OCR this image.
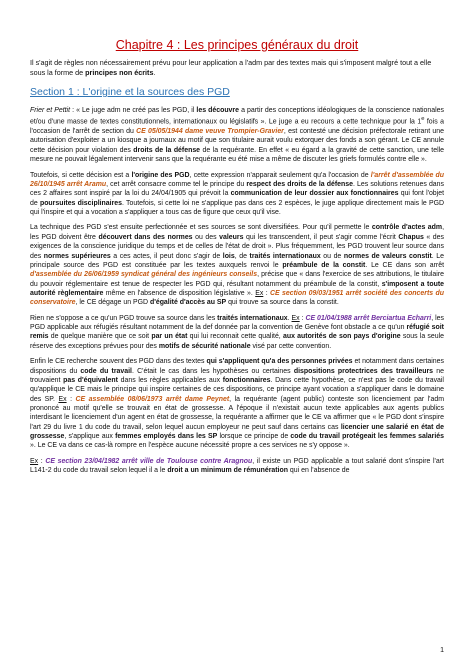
Chapitre 4 : Les principes généraux du droit
Il s'agit de règles non nécessairement prévu pour leur application a l'adm par des textes mais qui s'imposent malgré tout a elle sous la forme de principes non écrits.
Section 1 : L'origine et la sources des PGD

Frier et Pettit : « Le juge adm ne créé pas les PGD, il les découvre a partir des conceptions idéologiques de la conscience nationales et/ou d'une masse de textes constitutionnels, internationaux ou législatifs ». Le juge a eu recours a cette technique pour la 1e fois a l'occasion de l'arrêt de section du CE 05/05/1944 dame veuve Trompier-Gravier, est contesté une décision préfectorale retirant une autorisation d'exploiter a un kiosque a journaux au motif que son titulaire aurait voulu extorquer des fonds a son gérant. Le CE annule cette décision pour violation des droits de la défense de la requérante. En effet « eu égard a la gravité de cette sanction, une telle mesure ne pouvait légalement intervenir sans que la requérante eu été mise a même de discuter les griefs formulés contre elle ».

Toutefois, si cette décision est a l'origine des PGD, cette expression n'apparait seulement qu'a l'occasion de l'arrêt d'assemblée du 26/10/1945 arrêt Aramu, cet arrêt consacre comme tel le principe du respect des droits de la défense. Les solutions retenues dans ces 2 affaires sont inspiré par la loi du 24/04/1905 qui prévoit la communication de leur dossier aux fonctionnaires qui font l'objet de poursuites disciplinaires. Toutefois, si cette loi ne s'applique pas dans ces 2 espèces, le juge applique directement mais le PGD qui l'inspire et qui a vocation a s'appliquer a tous cas de figure que ceux qu'il vise.

La technique des PGD s'est ensuite perfectionnée et ses sources se sont diversifiées. Pour qu'il permette le contrôle d'actes adm, les PGD doivent être découvert dans des normes ou des valeurs qui les transcendent, il peut s'agir comme l'écrit Chapus « des exigences de la conscience juridique du temps et de celles de l'état de droit ». Plus fréquemment, les PGD trouvent leur source dans des normes supérieures a ces actes, il peut donc s'agir de lois, de traités internationaux ou de normes de valeurs constit. Le principale source des PGD est constituée par les textes auxquels renvoi le préambule de la constit. Le CE dans son arrêt d'assemblée du 26/06/1959 syndicat général des ingénieurs conseils, précise que « dans l'exercice de ses attributions, le titulaire du pouvoir réglementaire est tenue de respecter les PGD qui, résultant notamment du préambule de la constit, s'imposent a toute autorité règlementaire même en l'absence de disposition législative ». Ex : CE section 09/03/1951 arrêt société des concerts du conservatoire, le CE dégage un PGD d'égalité d'accès au SP qui trouve sa source dans la constit.

Rien ne s'oppose a ce qu'un PGD trouve sa source dans les traités internationaux. Ex : CE 01/04/1988 arrêt Berciartua Echarri, les PGD applicable aux réfugiés résultant notamment de la def donnée par la convention de Genève font obstacle a ce qu'un réfugié soit remis de quelque manière que ce soit par un état qui lui reconnait cette qualité, aux autorités de son pays d'origine sous la seule réserve des exceptions prévues pour des motifs de sécurité nationale visé par cette convention.

Enfin le CE recherche souvent des PGD dans des textes qui s'appliquent qu'a des personnes privées et notamment dans certaines dispositions du code du travail. C'était le cas dans les hypothèses ou certaines dispositions protectrices des travailleurs ne trouvaient pas d'équivalent dans les règles applicables aux fonctionnaires. Dans cette hypothèse, ce n'est pas le code du travail qu'applique le CE mais le principe qui inspire certaines de ces dispositions, ce principe ayant vocation a s'appliquer dans le domaine des SP. Ex : CE assemblée 08/06/1973 arrêt dame Peynet, la requérante (agent public) conteste son licenciement par l'adm prononcé au motif qu'elle se trouvait en état de grossesse. A l'époque il n'existait aucun texte applicables aux agents publics interdisant le licenciement d'un agent en état de grossesse, la requérante a affirmer que le CE va affirmer que « le PGD dont s'inspire l'art 29 du livre 1 du code du travail, selon lequel aucun employeur ne peut sauf dans certains cas licencier une salarié en état de grossesse, s'applique aux femmes employés dans les SP lorsque ce principe de code du travail protégeait les femmes salariés ». Le CE va dans ce cas-là rompre en l'espèce aucune nécessité propre a ces services ne s'y oppose ».

Ex : CE section 23/04/1982 arrêt ville de Toulouse contre Aragnou, il existe un PGD applicable a tout salarié dont s'inspire l'art L141-2 du code du travail selon lequel il a le droit a un minimum de rémunération qui en l'absence de

1
